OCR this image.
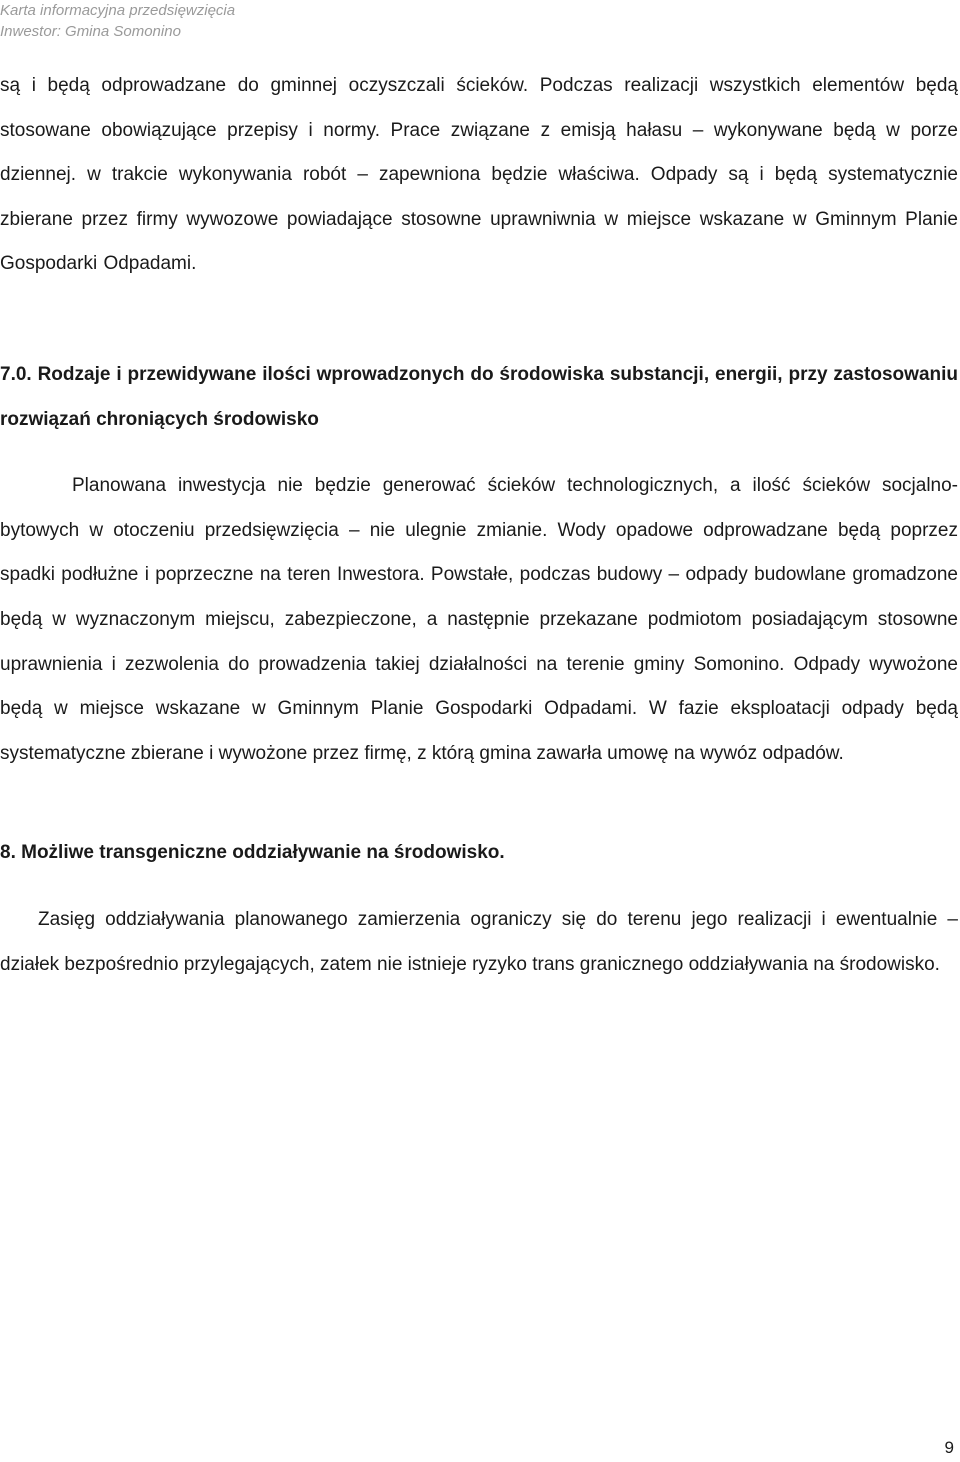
Karta informacyjna przedsięwzięcia
Inwestor: Gmina Somonino

są i będą odprowadzane do gminnej oczyszczali ścieków. Podczas realizacji wszystkich elementów będą stosowane obowiązujące przepisy i normy. Prace związane z emisją hałasu – wykonywane będą w porze dziennej. w trakcie wykonywania robót – zapewniona będzie właściwa. Odpady są i będą systematycznie zbierane przez firmy wywozowe powiadające stosowne uprawniwnia w miejsce wskazane w Gminnym Planie Gospodarki Odpadami.

7.0. Rodzaje i przewidywane ilości wprowadzonych do środowiska substancji, energii, przy zastosowaniu rozwiązań chroniących środowisko

Planowana inwestycja nie będzie generować ścieków technologicznych, a ilość ścieków socjalno-bytowych w otoczeniu przedsięwzięcia – nie ulegnie zmianie. Wody opadowe odprowadzane będą poprzez spadki podłużne i poprzeczne na teren Inwestora. Powstałe, podczas budowy – odpady budowlane gromadzone będą w wyznaczonym miejscu, zabezpieczone, a następnie przekazane podmiotom posiadającym stosowne uprawnienia i zezwolenia do prowadzenia takiej działalności na terenie gminy Somonino. Odpady wywożone będą w miejsce wskazane w Gminnym Planie Gospodarki Odpadami. W fazie eksploatacji odpady będą systematyczne zbierane i wywożone przez firmę, z którą gmina zawarła umowę na wywóz odpadów.

8. Możliwe transgeniczne oddziaływanie na środowisko.

Zasięg oddziaływania planowanego zamierzenia ograniczy się do terenu jego realizacji i ewentualnie – działek bezpośrednio przylegających, zatem nie istnieje ryzyko trans granicznego oddziaływania na środowisko.

9
